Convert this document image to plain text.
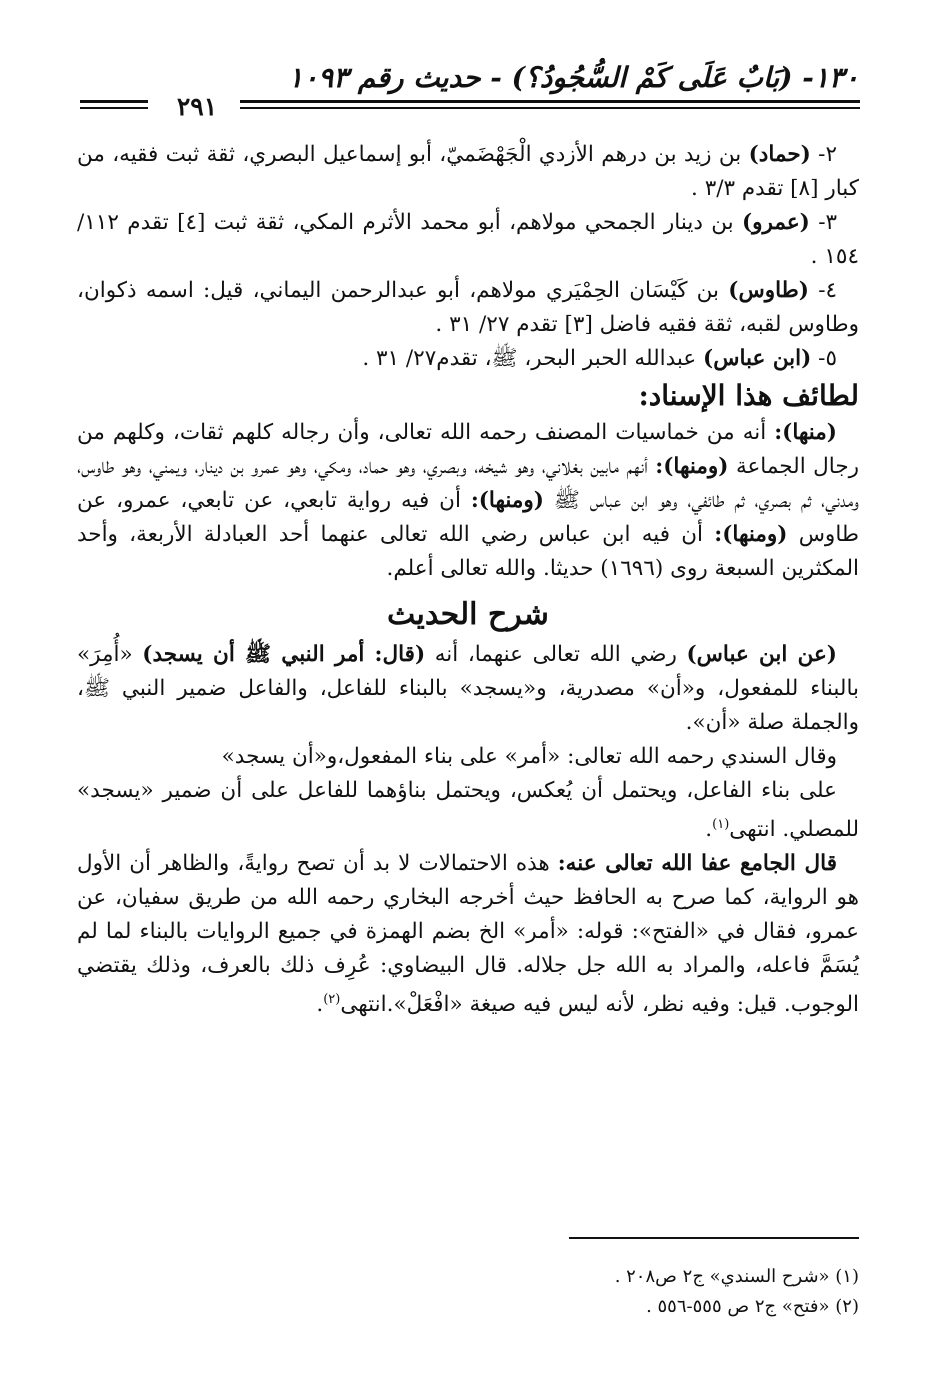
١٣٠- (بَابٌ عَلَى كَمْ السُّجُودُ؟) - حديث رقم ١٠٩٣
٢٩١

٢- (حماد) بن زيد بن درهم الأزدي الْجَهْضَميّ، أبو إسماعيل البصري، ثقة ثبت فقيه، من كبار [٨] تقدم ٣/٣ .

٣- (عمرو) بن دينار الجمحي مولاهم، أبو محمد الأثرم المكي، ثقة ثبت [٤] تقدم ١١٢/ ١٥٤ .

٤- (طاوس) بن كَيْسَان الحِمْيَري مولاهم، أبو عبدالرحمن اليماني، قيل: اسمه ذكوان، وطاوس لقبه، ثقة فقيه فاضل [٣] تقدم ٢٧/ ٣١ .

٥- (ابن عباس) عبدالله الحبر البحر، ﷺ، تقدم٢٧/ ٣١ .

لطائف هذا الإسناد:

(منها): أنه من خماسيات المصنف رحمه الله تعالى، وأن رجاله كلهم ثقات، وكلهم من رجال الجماعة (ومنها): أنهم مابين بغلاني، وهو شيخه، وبصري، وهو حماد، ومكي، وهو عمرو بن دينار، ويمني، وهو طاوس، ومدني، ثم بصري، ثم طائفي، وهو ابن عباس ﷺ (ومنها): أن فيه رواية تابعي، عن تابعي، عمرو، عن طاوس (ومنها): أن فيه ابن عباس رضي الله تعالى عنهما أحد العبادلة الأربعة، وأحد المكثرين السبعة روى (١٦٩٦) حديثا. والله تعالى أعلم.

شرح الحديث

(عن ابن عباس) رضي الله تعالى عنهما، أنه (قال: أمر النبي ﷺ أن يسجد) «أُمِرَ» بالبناء للمفعول، و«أن» مصدرية، و«يسجد» بالبناء للفاعل، والفاعل ضمير النبي ﷺ، والجملة صلة «أن».

وقال السندي رحمه الله تعالى: «أمر» على بناء المفعول،و«أن يسجد»

على بناء الفاعل، ويحتمل أن يُعكس، ويحتمل بناؤهما للفاعل على أن ضمير «يسجد» للمصلي. انتهى$^{(١)}$.

قال الجامع عفا الله تعالى عنه: هذه الاحتمالات لا بد أن تصح روايةً، والظاهر أن الأول هو الرواية، كما صرح به الحافظ حيث أخرجه البخاري رحمه الله من طريق سفيان، عن عمرو، فقال في «الفتح»: قوله: «أمر» الخ بضم الهمزة في جميع الروايات بالبناء لما لم يُسَمَّ فاعله، والمراد به الله جل جلاله. قال البيضاوي: عُرِف ذلك بالعرف، وذلك يقتضي الوجوب. قيل: وفيه نظر، لأنه ليس فيه صيغة «افْعَلْ».انتهى$^{(٢)}$.

(١) «شرح السندي» ج٢ ص٢٠٨ .
(٢) «فتح» ج٢ ص ٥٥٥-٥٥٦ .
